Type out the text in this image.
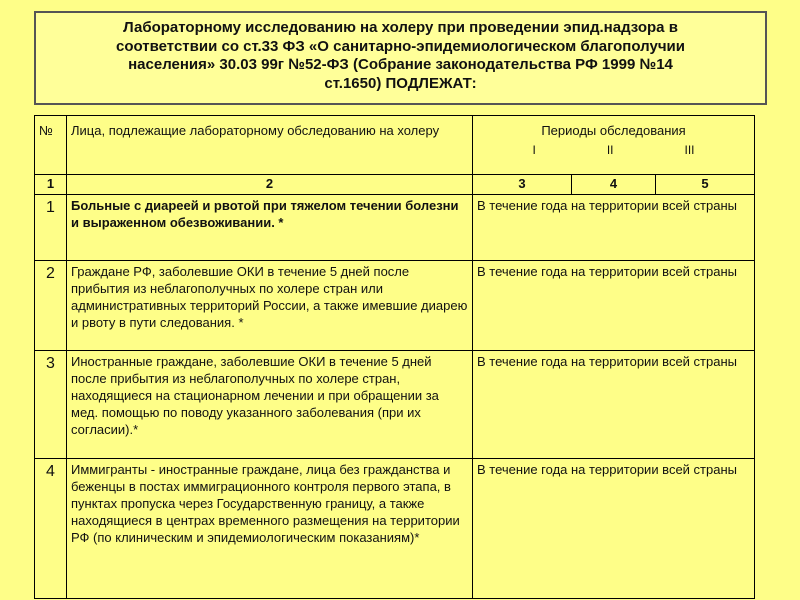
Лабораторному исследованию на холеру при проведении эпид.надзора в
соответствии со ст.33 ФЗ «О санитарно-эпидемиологическом благополучии
населения» 30.03 99г №52-ФЗ (Собрание законодательства РФ 1999 №14
ст.1650) ПОДЛЕЖАТ:
№	Лица, подлежащие лабораторному обследованию на холеру	Периоды обследования
I II III		

1	2	3	4	5
1	Больные с диареей и рвотой при тяжелом течении болезни и выраженном обезвоживании. *	В течение года на территории всей страны		
2	Граждане РФ, заболевшие ОКИ в течение 5 дней после прибытия из неблагополучных по холере стран или административных территорий России, а также имевшие диарею и рвоту в пути следования. *	В течение года на территории всей страны		
3	Иностранные граждане, заболевшие ОКИ в течение 5 дней после прибытия из неблагополучных по холере стран, находящиеся на стационарном лечении и при обращении за мед. помощью по поводу указанного заболевания (при их согласии).*	В течение года на территории всей страны		
4	Иммигранты - иностранные граждане, лица без гражданства и беженцы в постах иммиграционного контроля первого этапа, в пунктах пропуска через Государственную границу, а также находящиеся в центрах временного размещения на территории РФ (по клиническим и эпидемиологическим показаниям)*	В течение года на территории всей страны		
